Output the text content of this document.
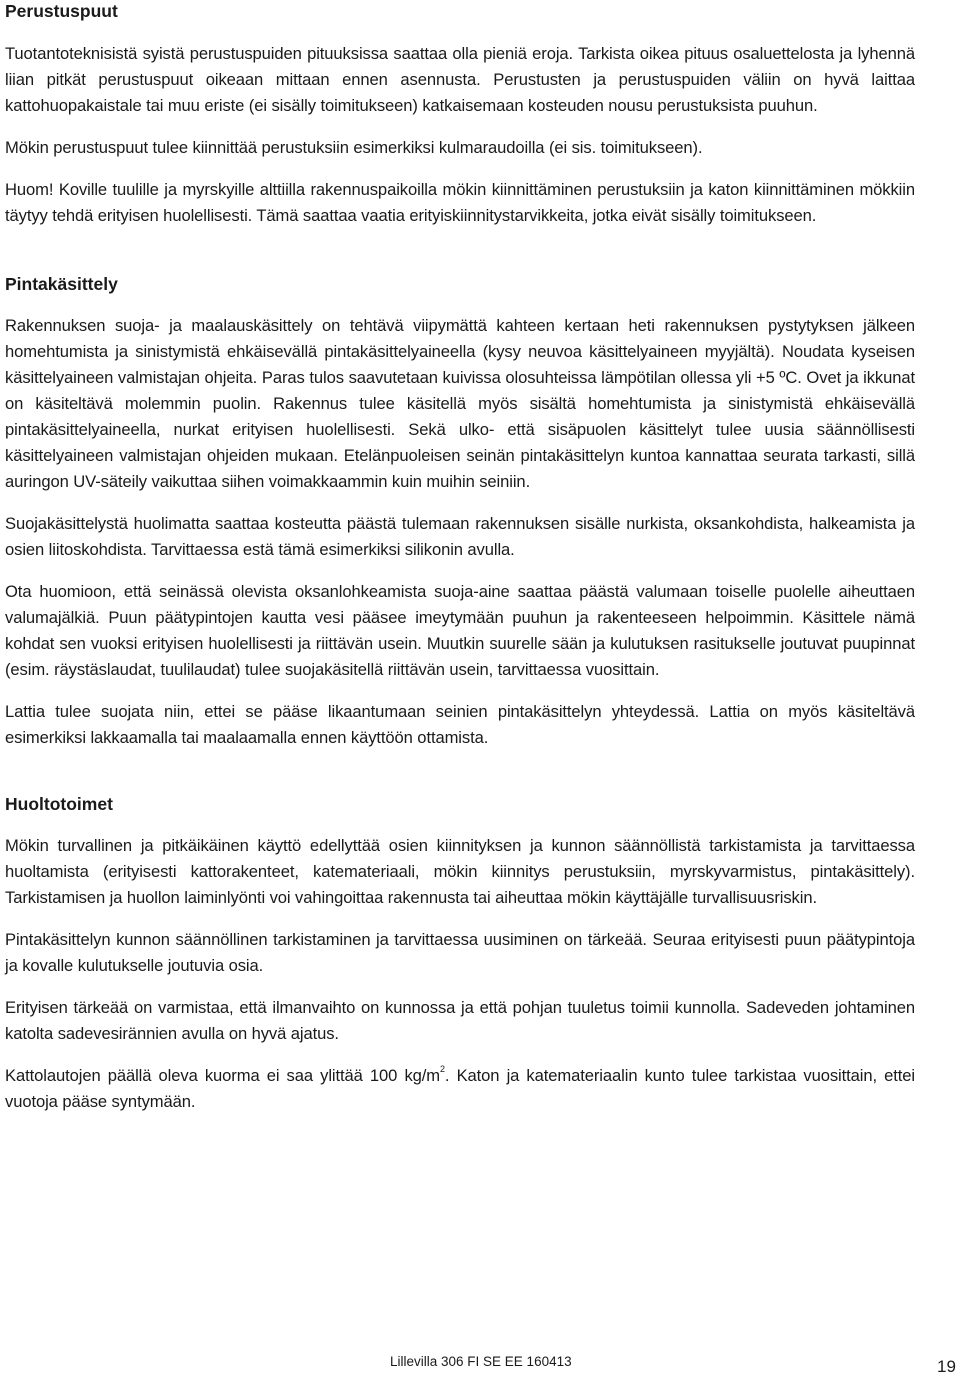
Perustuspuut

Tuotantoteknisistä syistä perustuspuiden pituuksissa saattaa olla pieniä eroja. Tarkista oikea pituus osaluettelosta ja lyhennä liian pitkät perustuspuut oikeaan mittaan ennen asennusta. Perustusten ja perustuspuiden väliin on hyvä laittaa kattohuopakaistale tai muu eriste (ei sisälly toimitukseen) katkaisemaan kosteuden nousu perustuksista puuhun.

Mökin perustuspuut tulee kiinnittää perustuksiin esimerkiksi kulmaraudoilla (ei sis. toimitukseen).

Huom! Koville tuulille ja myrskyille alttiilla rakennuspaikoilla mökin kiinnittäminen perustuksiin ja katon kiinnittäminen mökkiin täytyy tehdä erityisen huolellisesti. Tämä saattaa vaatia erityiskiinnitystarvikkeita, jotka eivät sisälly toimitukseen.

Pintakäsittely

Rakennuksen suoja- ja maalauskäsittely on tehtävä viipymättä kahteen kertaan heti rakennuksen pystytyksen jälkeen homehtumista ja sinistymistä ehkäisevällä pintakäsittelyaineella (kysy neuvoa käsittelyaineen myyjältä). Noudata kyseisen käsittelyaineen valmistajan ohjeita. Paras tulos saavutetaan kuivissa olosuhteissa lämpötilan ollessa yli +5 ºC. Ovet ja ikkunat on käsiteltävä molemmin puolin. Rakennus tulee käsitellä myös sisältä homehtumista ja sinistymistä ehkäisevällä pintakäsittelyaineella, nurkat erityisen huolellisesti. Sekä ulko- että sisäpuolen käsittelyt tulee uusia säännöllisesti käsittelyaineen valmistajan ohjeiden mukaan. Etelänpuoleisen seinän pintakäsittelyn kuntoa kannattaa seurata tarkasti, sillä auringon UV-säteily vaikuttaa siihen voimakkaammin kuin muihin seiniin.

Suojakäsittelystä huolimatta saattaa kosteutta päästä tulemaan rakennuksen sisälle nurkista, oksankohdista, halkeamista ja osien liitoskohdista. Tarvittaessa estä tämä esimerkiksi silikonin avulla.

Ota huomioon, että seinässä olevista oksanlohkeamista suoja-aine saattaa päästä valumaan toiselle puolelle aiheuttaen valumajälkiä. Puun päätypintojen kautta vesi pääsee imeytymään puuhun ja rakenteeseen helpoimmin. Käsittele nämä kohdat sen vuoksi erityisen huolellisesti ja riittävän usein. Muutkin suurelle sään ja kulutuksen rasitukselle joutuvat puupinnat (esim. räystäslaudat, tuulilaudat) tulee suojakäsitellä riittävän usein, tarvittaessa vuosittain.

Lattia tulee suojata niin, ettei se pääse likaantumaan seinien pintakäsittelyn yhteydessä. Lattia on myös käsiteltävä esimerkiksi lakkaamalla tai maalaamalla ennen käyttöön ottamista.

Huoltotoimet

Mökin turvallinen ja pitkäikäinen käyttö edellyttää osien kiinnityksen ja kunnon säännöllistä tarkistamista ja tarvittaessa huoltamista (erityisesti kattorakenteet, katemateriaali, mökin kiinnitys perustuksiin, myrskyvarmistus, pintakäsittely). Tarkistamisen ja huollon laiminlyönti voi vahingoittaa rakennusta tai aiheuttaa mökin käyttäjälle turvallisuusriskin.

Pintakäsittelyn kunnon säännöllinen tarkistaminen ja tarvittaessa uusiminen on tärkeää. Seuraa erityisesti puun päätypintoja ja kovalle kulutukselle joutuvia osia.

Erityisen tärkeää on varmistaa, että ilmanvaihto on kunnossa ja että pohjan tuuletus toimii kunnolla. Sadeveden johtaminen katolta sadevesirännien avulla on hyvä ajatus.

Kattolautojen päällä oleva kuorma ei saa ylittää 100 $kg/m^2$. Katon ja katemateriaalin kunto tulee tarkistaa vuosittain, ettei vuotoja pääse syntymään.

Lillevilla 306 FI SE EE 160413	19
